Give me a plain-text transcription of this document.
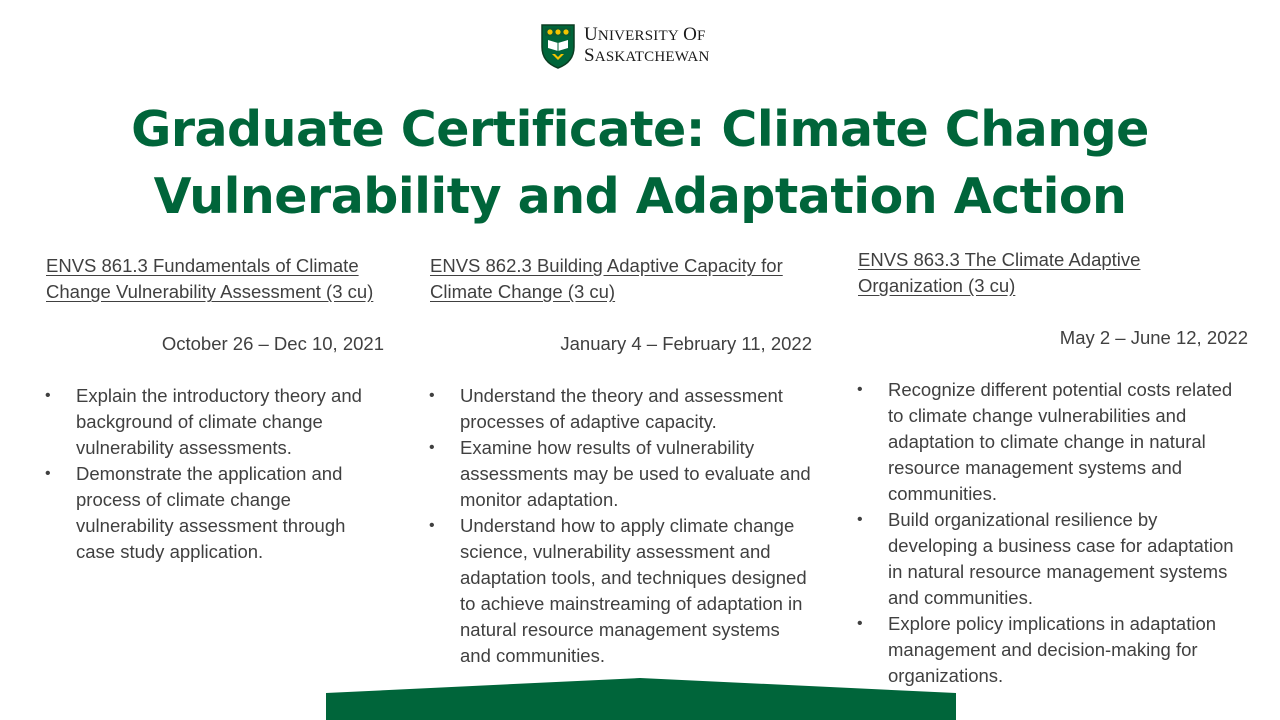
UNIVERSITY OF
SASKATCHEWAN
Graduate Certificate: Climate Change Vulnerability and Adaptation Action
ENVS 861.3 Fundamentals of Climate Change Vulnerability Assessment (3 cu)
October 26 – Dec 10, 2021
• Explain the introductory theory and background of climate change vulnerability assessments.
• Demonstrate the application and process of climate change vulnerability assessment through case study application.
ENVS 862.3 Building Adaptive Capacity for Climate Change (3 cu)
January 4 – February 11, 2022
• Understand the theory and assessment processes of adaptive capacity.
• Examine how results of vulnerability assessments may be used to evaluate and monitor adaptation.
• Understand how to apply climate change science, vulnerability assessment and adaptation tools, and techniques designed to achieve mainstreaming of adaptation in natural resource management systems and communities.
ENVS 863.3 The Climate Adaptive Organization (3 cu)
May 2 – June 12, 2022
• Recognize different potential costs related to climate change vulnerabilities and adaptation to climate change in natural resource management systems and communities.
• Build organizational resilience by developing a business case for adaptation in natural resource management systems and communities.
• Explore policy implications in adaptation management and decision-making for organizations.
